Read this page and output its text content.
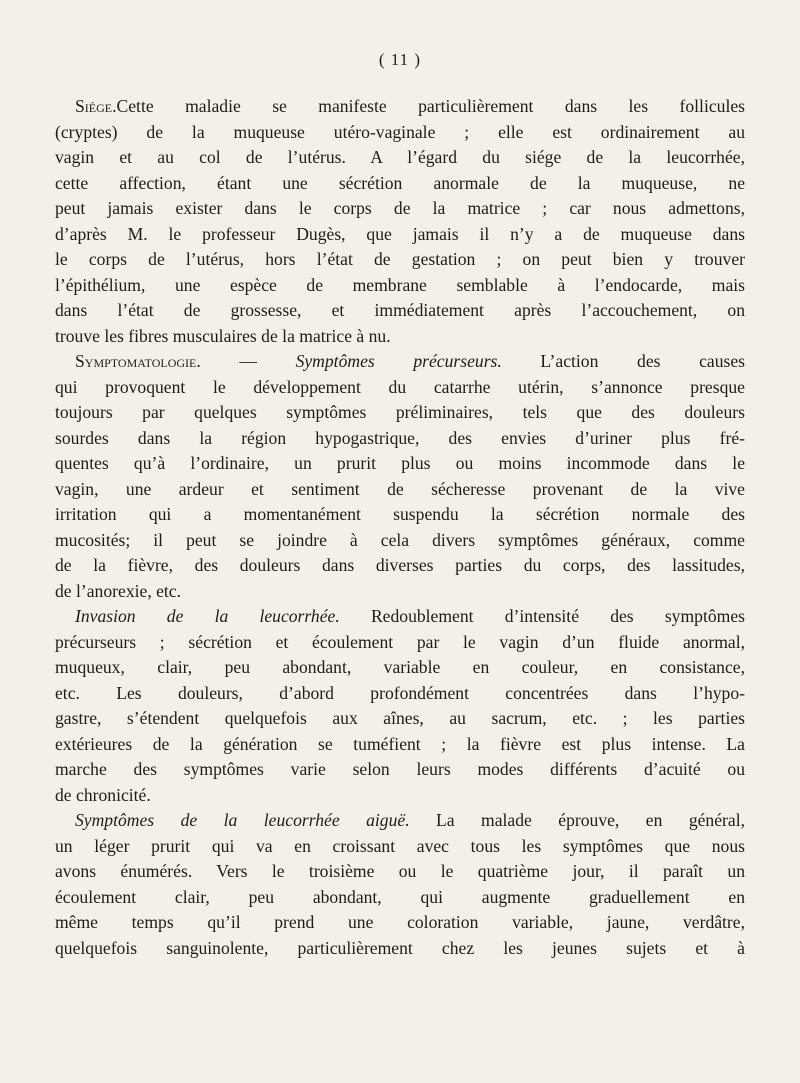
( 11 )
Siége.Cette maladie se manifeste particulièrement dans les follicules
(cryptes) de la muqueuse utéro-vaginale ; elle est ordinairement au
vagin et au col de l’utérus. A l’égard du siége de la leucorrhée,
cette affection, étant une sécrétion anormale de la muqueuse, ne
peut jamais exister dans le corps de la matrice ; car nous admettons,
d’après M. le professeur Dugès, que jamais il n’y a de muqueuse dans
le corps de l’utérus, hors l’état de gestation ; on peut bien y trouver
l’épithélium, une espèce de membrane semblable à l’endocarde, mais
dans l’état de grossesse, et immédiatement après l’accouchement, on
trouve les fibres musculaires de la matrice à nu.
Symptomatologie. — Symptômes précurseurs. L’action des causes
qui provoquent le développement du catarrhe utérin, s’annonce presque
toujours par quelques symptômes préliminaires, tels que des douleurs
sourdes dans la région hypogastrique, des envies d’uriner plus fré-
quentes qu’à l’ordinaire, un prurit plus ou moins incommode dans le
vagin, une ardeur et sentiment de sécheresse provenant de la vive
irritation qui a momentanément suspendu la sécrétion normale des
mucosités; il peut se joindre à cela divers symptômes généraux, comme
de la fièvre, des douleurs dans diverses parties du corps, des lassitudes,
de l’anorexie, etc.
Invasion de la leucorrhée. Redoublement d’intensité des symptômes
précurseurs ; sécrétion et écoulement par le vagin d’un fluide anormal,
muqueux, clair, peu abondant, variable en couleur, en consistance,
etc. Les douleurs, d’abord profondément concentrées dans l’hypo-
gastre, s’étendent quelquefois aux aînes, au sacrum, etc. ; les parties
extérieures de la génération se tuméfient ; la fièvre est plus intense. La
marche des symptômes varie selon leurs modes différents d’acuité ou
de chronicité.
Symptômes de la leucorrhée aiguë. La malade éprouve, en général,
un léger prurit qui va en croissant avec tous les symptômes que nous
avons énumérés. Vers le troisième ou le quatrième jour, il paraît un
écoulement clair, peu abondant, qui augmente graduellement en
même temps qu’il prend une coloration variable, jaune, verdâtre,
quelquefois sanguinolente, particulièrement chez les jeunes sujets et à
